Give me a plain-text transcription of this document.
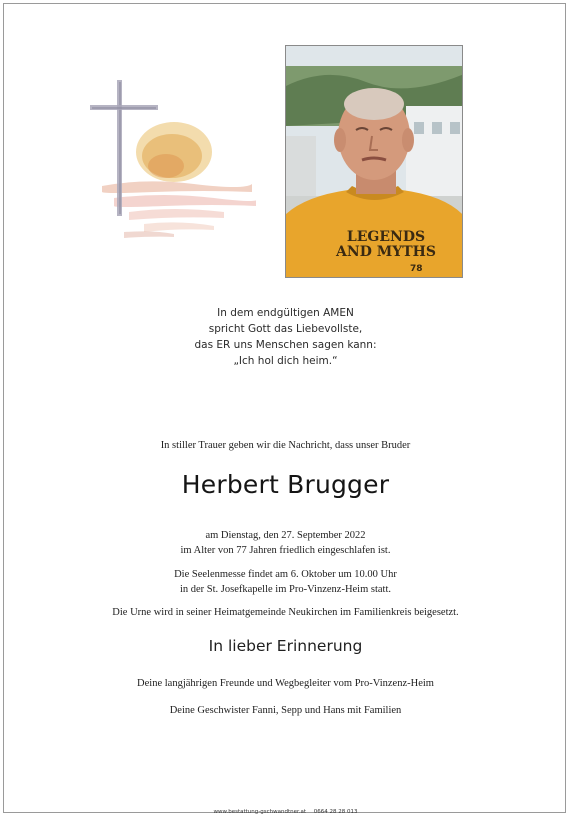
LEGENDS
AND MYTHS
78
In dem endgültigen AMEN
spricht Gott das Liebevollste,
das ER uns Menschen sagen kann:
„Ich hol dich heim.“
In stiller Trauer geben wir die Nachricht, dass unser Bruder
Herbert Brugger
am Dienstag, den 27. September 2022
im Alter von 77 Jahren friedlich eingeschlafen ist.
Die Seelenmesse findet am 6. Oktober um 10.00 Uhr
in der St. Josefkapelle im Pro-Vinzenz-Heim statt.
Die Urne wird in seiner Heimatgemeinde Neukirchen im Familienkreis beigesetzt.
In lieber Erinnerung
Deine langjährigen Freunde und Wegbegleiter vom Pro-Vinzenz-Heim
Deine Geschwister Fanni, Sepp und Hans mit Familien
www.bestattung-gschwandtner.at 0664 28 28 013
